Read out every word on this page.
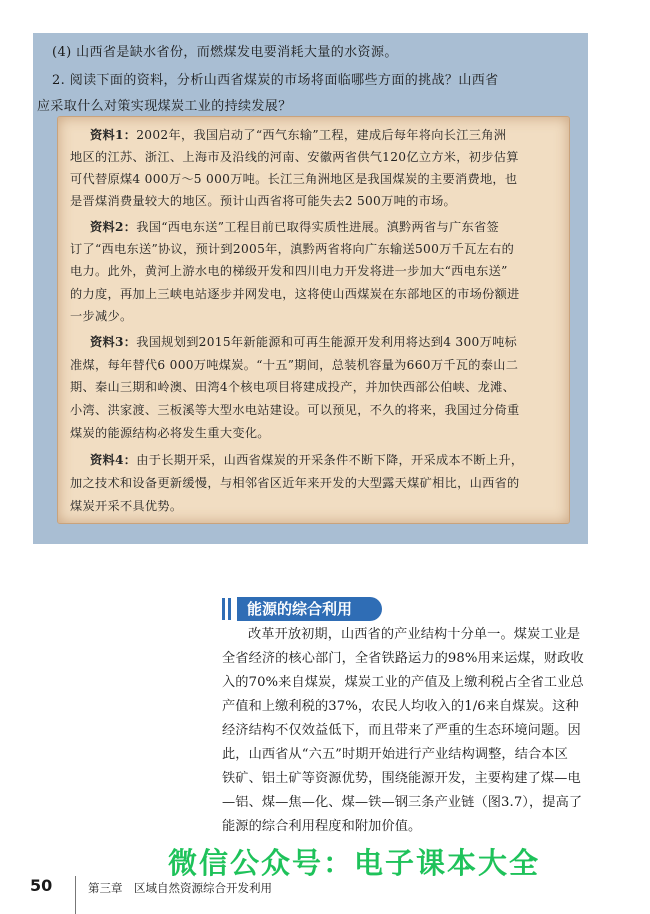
(4) 山西省是缺水省份，而燃煤发电要消耗大量的水资源。
2. 阅读下面的资料，分析山西省煤炭的市场将面临哪些方面的挑战？山西省
应采取什么对策实现煤炭工业的持续发展？
资料1：2002年，我国启动了“西气东输”工程，建成后每年将向长江三角洲
地区的江苏、浙江、上海市及沿线的河南、安徽两省供气120亿立方米，初步估算
可代替原煤4 000万～5 000万吨。长江三角洲地区是我国煤炭的主要消费地，也
是晋煤消费量较大的地区。预计山西省将可能失去2 500万吨的市场。
资料2：我国“西电东送”工程目前已取得实质性进展。滇黔两省与广东省签
订了“西电东送”协议，预计到2005年，滇黔两省将向广东输送500万千瓦左右的
电力。此外，黄河上游水电的梯级开发和四川电力开发将进一步加大“西电东送”
的力度，再加上三峡电站逐步并网发电，这将使山西煤炭在东部地区的市场份额进
一步减少。
资料3：我国规划到2015年新能源和可再生能源开发利用将达到4 300万吨标
准煤，每年替代6 000万吨煤炭。“十五”期间，总装机容量为660万千瓦的泰山二
期、秦山三期和岭澳、田湾4个核电项目将建成投产，并加快西部公伯峡、龙滩、
小湾、洪家渡、三板溪等大型水电站建设。可以预见，不久的将来，我国过分倚重
煤炭的能源结构必将发生重大变化。
资料4：由于长期开采，山西省煤炭的开采条件不断下降，开采成本不断上升，
加之技术和设备更新缓慢，与相邻省区近年来开发的大型露天煤矿相比，山西省的
煤炭开采不具优势。
能源的综合利用
改革开放初期，山西省的产业结构十分单一。煤炭工业是
全省经济的核心部门，全省铁路运力的98%用来运煤，财政收
入的70%来自煤炭，煤炭工业的产值及上缴利税占全省工业总
产值和上缴利税的37%，农民人均收入的1/6来自煤炭。这种
经济结构不仅效益低下，而且带来了严重的生态环境问题。因
此，山西省从“六五”时期开始进行产业结构调整，结合本区
铁矿、铝土矿等资源优势，围绕能源开发，主要构建了煤—电
—铝、煤—焦—化、煤—铁—钢三条产业链（图3.7），提高了
能源的综合利用程度和附加价值。
微信公众号：电子课本大全
50	第三章　区域自然资源综合开发利用
